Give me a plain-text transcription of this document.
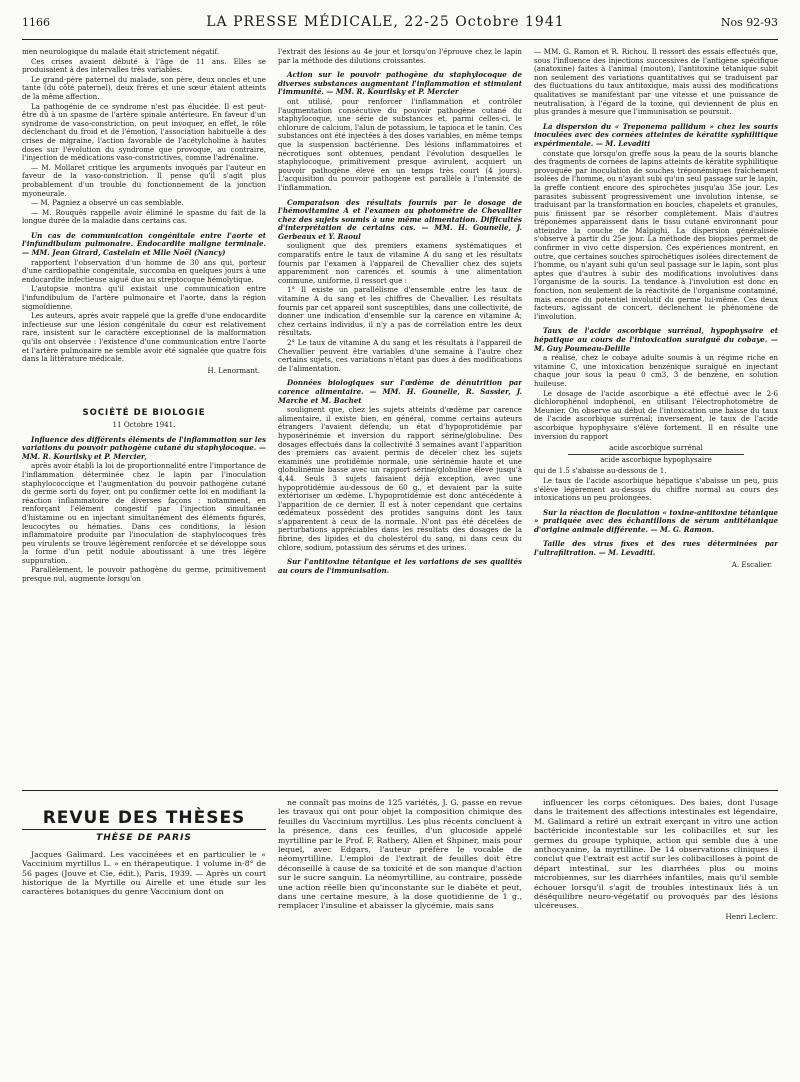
1166	LA PRESSE MÉDICALE, 22-25 Octobre 1941	Nos 92-93

men neurologique du malade était strictement négatif.

Ces crises avaient débuté à l'âge de 11 ans. Elles se produisaient à des intervalles très variables.

Le grand-père paternel du malade, son père, deux oncles et une tante (du côté paternel), deux frères et une sœur étaient atteints de la même affection.

La pathogénie de ce syndrome n'est pas élucidée. Il est peut-être dû à un spasme de l'artère spinale antérieure. En faveur d'un syndrome de vaso-constriction, on peut invoquer, en effet, le rôle déclenchant du froid et de l'émotion, l'association habituelle à des crises de migraine, l'action favorable de l'acétylcholine à hautes doses sur l'évolution du syndrome que provoque, au contraire, l'injection de médications vaso-constrictives, comme l'adrénaline.

— M. Mollaret critique les arguments invoqués par l'auteur en faveur de la vaso-constriction. Il pense qu'il s'agit plus probablement d'un trouble du fonctionnement de la jonction myoneurale.

— M. Pagniez a observé un cas semblable.

— M. Rouquès rappelle avoir éliminé le spasme du fait de la longue durée de la maladie dans certains cas.

Un cas de communication congénitale entre l'aorte et l'infundibulum pulmonaire. Endocardite maligne terminale. — MM. Jean Girard, Castelain et Mlle Noël (Nancy)

rapportent l'observation d'un homme de 30 ans qui, porteur d'une cardiopathie congénitale, succomba en quelques jours à une endocardite infectieuse aiguë due au streptocoque hémolytique.

L'autopsie montra qu'il existait une communication entre l'infundibulum de l'artère pulmonaire et l'aorte, dans la région sigmoïdienne.

Les auteurs, après avoir rappelé que la greffe d'une endocardite infectieuse sur une lésion congénitale du cœur est relativement rare, insistent sur le caractère exceptionnel de la malformation qu'ils ont observée : l'existence d'une communication entre l'aorte et l'artère pulmonaire ne semble avoir été signalée que quatre fois dans la littérature médicale.

H. Lenormant.

SOCIÉTÉ DE BIOLOGIE

11 Octobre 1941.

Influence des différents éléments de l'inflammation sur les variations du pouvoir pathogène cutané du staphylocoque. — MM. R. Kourilsky et P. Mercier,

après avoir établi la loi de proportionnalité entre l'importance de l'inflammation déterminée chez le lapin par l'inoculation staphylococcique et l'augmentation du pouvoir pathogène cutané du germe sorti du foyer, ont pu confirmer cette loi en modifiant la réaction inflammatoire de diverses façons : notamment, en renforçant l'élément congestif par l'injection simultanée d'histamine ou en injectant simultanément des éléments figurés, leucocytes ou hématies. Dans ces conditions, la lésion inflammatoire produite par l'inoculation de staphylocoques très peu virulents se trouve légèrement renforcée et se développe sous la forme d'un petit nodule aboutissant à une très légère suppuration.

Parallèlement, le pouvoir pathogène du germe, primitivement presque nul, augmente lorsqu'on

l'extrait des lésions au 4e jour et lorsqu'on l'éprouve chez le lapin par la méthode des dilutions croissantes.

Action sur le pouvoir pathogène du staphylocoque de diverses substances augmentant l'inflammation et stimulant l'immunité. — MM. R. Kourilsky et P. Mercier

ont utilisé, pour renforcer l'inflammation et contrôler l'augmentation consécutive du pouvoir pathogène cutané du staphylocoque, une série de substances et, parmi celles-ci, le chlorure de calcium, l'alun de potassium, le tapioca et le tanin. Ces substances ont été injectées à des doses variables, en même temps que la suspension bactérienne. Des lésions inflammatoires et nécrotiques sont obtenues, pendant l'évolution desquelles le staphylocoque, primitivement presque avirulent, acquiert un pouvoir pathogène élevé en un temps très court (4 jours). L'acquisition du pouvoir pathogène est parallèle à l'intensité de l'inflammation.

Comparaison des résultats fournis par le dosage de l'hémovitamine A et l'examen au photomètre de Chevallier chez des sujets soumis à une même alimentation. Difficultés d'interprétation de certains cas. — MM. H. Gounelle, J. Gerbeaux et Y. Raoul

soulignent que des premiers examens systématiques et comparatifs entre le taux de vitamine A du sang et les résultats fournis par l'examen à l'appareil de Chevallier chez des sujets apparemment non carencés et soumis à une alimentation commune, uniforme, il ressort que :

1° Il existe un parallélisme d'ensemble entre les taux de vitamine A du sang et les chiffres de Chevallier. Les résultats fournis par cet appareil sont susceptibles, dans une collectivité, de donner une indication d'ensemble sur la carence en vitamine A; chez certains individus, il n'y a pas de corrélation entre les deux résultats.

2° Le taux de vitamine A du sang et les résultats à l'appareil de Chevallier peuvent être variables d'une semaine à l'autre chez certains sujets, ces variations n'étant pas dues à des modifications de l'alimentation.

Données biologiques sur l'œdème de dénutrition par carence alimentaire. — MM. H. Gounelle, R. Sassier, J. Marche et M. Bachet

soulignent que, chez les sujets atteints d'œdème par carence alimentaire, il existe bien, en général, comme certains auteurs étrangers l'avaient défendu, un état d'hypoprotidémie par hyposérinémie et inversion du rapport sérine/globuline. Des dosages effectués dans la collectivité 3 semaines avant l'apparition des premiers cas avaient permis de déceler chez les sujets examinés une protidémie normale, une sérinémie haute et une globulinémie basse avec un rapport sérine/globuline élevé jusqu'à 4,44. Seuls 3 sujets faisaient déjà exception, avec une hypoprotidémie au-dessous de 60 g., et devaient par la suite extérioriser un œdème. L'hypoprotidémie est donc antécédente à l'apparition de ce dernier. Il est à noter cependant que certains œdémateux possèdent des protides sanguins dont les taux s'apparentent à ceux de la normale. N'ont pas été décelées de perturbations appréciables dans les résultats des dosages de la fibrine, des lipides et du cholestérol du sang, ni dans ceux du chlore, sodium, potassium des sérums et des urines.

Sur l'antitoxine tétanique et les variations de ses qualités au cours de l'immunisation.

— MM. G. Ramon et R. Richou. Il ressort des essais effectués que, sous l'influence des injections successives de l'antigène spécifique (anatoxine) faites à l'animal (mouton), l'antitoxine tétanique subit non seulement des variations quantitatives qui se traduisent par des fluctuations du taux antitoxique, mais aussi des modifications qualitatives se manifestant par une vitesse et une puissance de neutralisation, à l'égard de la toxine, qui deviennent de plus en plus grandes à mesure que l'immunisation se poursuit.

La dispersion du « Treponema pallidum » chez les souris inoculées avec des cornées atteintes de kératite syphilitique expérimentale. — M. Levaditi

constate que lorsqu'on greffe sous la peau de la souris blanche des fragments de cornées de lapins atteints de kératite syphilitique provoquée par inoculation de souches tréponémiques fraîchement isolées de l'homme, ou n'ayant subi qu'un seul passage sur le lapin, la greffe contient encore des spirochètes jusqu'au 35e jour. Les parasites subissent progressivement une involution intense, se traduisant par la transformation en boucles, chapelets et granules, puis finissent par se résorber complètement. Mais d'autres tréponèmes apparaissent dans le tissu cutané environnant pour atteindre la couche de Malpighi. La dispersion généralisée s'observe à partir du 25e jour. La méthode des biopsies permet de confirmer in vivo cette dispersion. Ces expériences montrent, en outre, que certaines souches spirochétiques isolées directement de l'homme, ou n'ayant subi qu'un seul passage sur le lapin, sont plus aptes que d'autres à subir des modifications involutives dans l'organisme de la souris. La tendance à l'involution est donc en fonction, non seulement de la réactivité de l'organisme contaminé, mais encore du potentiel involutif du germe lui-même. Ces deux facteurs, agissant de concert, déclenchent le phénomène de l'involution.

Taux de l'acide ascorbique surrénal, hypophysaire et hépatique au cours de l'intoxication suraiguë du cobaye. — M. Guy Poumeau-Delille

a réalisé, chez le cobaye adulte soumis à un régime riche en vitamine C, une intoxication benzénique suraiguë en injectant chaque jour sous la peau 0 cm3, 3 de benzène, en solution huileuse.

Le dosage de l'acide ascorbique a été effectué avec le 2-6 dichlorophénol indophénol, en utilisant l'électrophotomètre de Meunier. On observe au début de l'intoxication une baisse du taux de l'acide ascorbique surrénal; inversement, le taux de l'acide ascorbique hypophysaire s'élève fortement. Il en résulte une inversion du rapport

acide ascorbique surrénal
acide ascorbique hypophysaire

qui de 1.5 s'abaisse au-dessous de 1.

Le taux de l'acide ascorbique hépatique s'abaisse un peu, puis s'élève légèrement au-dessus du chiffre normal au cours des intoxications un peu prolongées.

Sur la réaction de floculation « toxine-antitoxine tétanique » pratiquée avec des échantillons de sérum antitétanique d'origine animale différente. — M. G. Ramon.

Taille des virus fixes et des rues déterminées par l'ultrafiltration. — M. Levaditi.

A. Escalier.

REVUE DES THÈSES
THÈSE DE PARIS

Jacques Galimard. Les vaccinéees et en particulier le « Vaccinium myrtillus L. » en thérapeutique. 1 volume in-8° de 56 pages (Jouve et Cie, édit.), Paris, 1939. — Après un court historique de la Myrtille ou Airelle et une étude sur les caractères botaniques du genre Vaccinium dont on

ne connaît pas moins de 125 variétés, J. G. passe en revue les travaux qui ont pour objet la composition chimique des feuilles du Vaccinium myrtillus. Les plus récents concluent à la présence, dans ces feuilles, d'un glucoside appelé myrtilline par le Prof. F. Rathery, Allen et Shpiner, mais pour lequel, avec Edgars, l'auteur préfère le vocable de néomyrtilline. L'emploi de l'extrait de feuilles doit être déconseillé à cause de sa toxicité et de son manque d'action sur le sucre sanguin. La néomyrtilline, au contraire, possède une action réelle bien qu'inconstante sur le diabète et peut, dans une certaine mesure, à la dose quotidienne de 1 g., remplacer l'insuline et abaisser la glycémie, mais sans

influencer les corps cétoniques. Des baies, dont l'usage dans le traitement des affections intestinales est légendaire, M. Galimard a retiré un extrait exerçant in vitro une action bactéricide incontestable sur les colibacilles et sur les germes du groupe typhique, action qui semble due à une anthocyanine, la myrtilline. De 14 observations cliniques il conclut que l'extrait est actif sur les colibacilloses à point de départ intestinal, sur les diarrhées plus ou moins microbiennes, sur les diarrhées infantiles, mais qu'il semble échouer lorsqu'il s'agit de troubles intestinaux liés à un déséquilibre neuro-végétatif ou provoqués par des lésions ulcéreuses.

Henri Leclerc.
